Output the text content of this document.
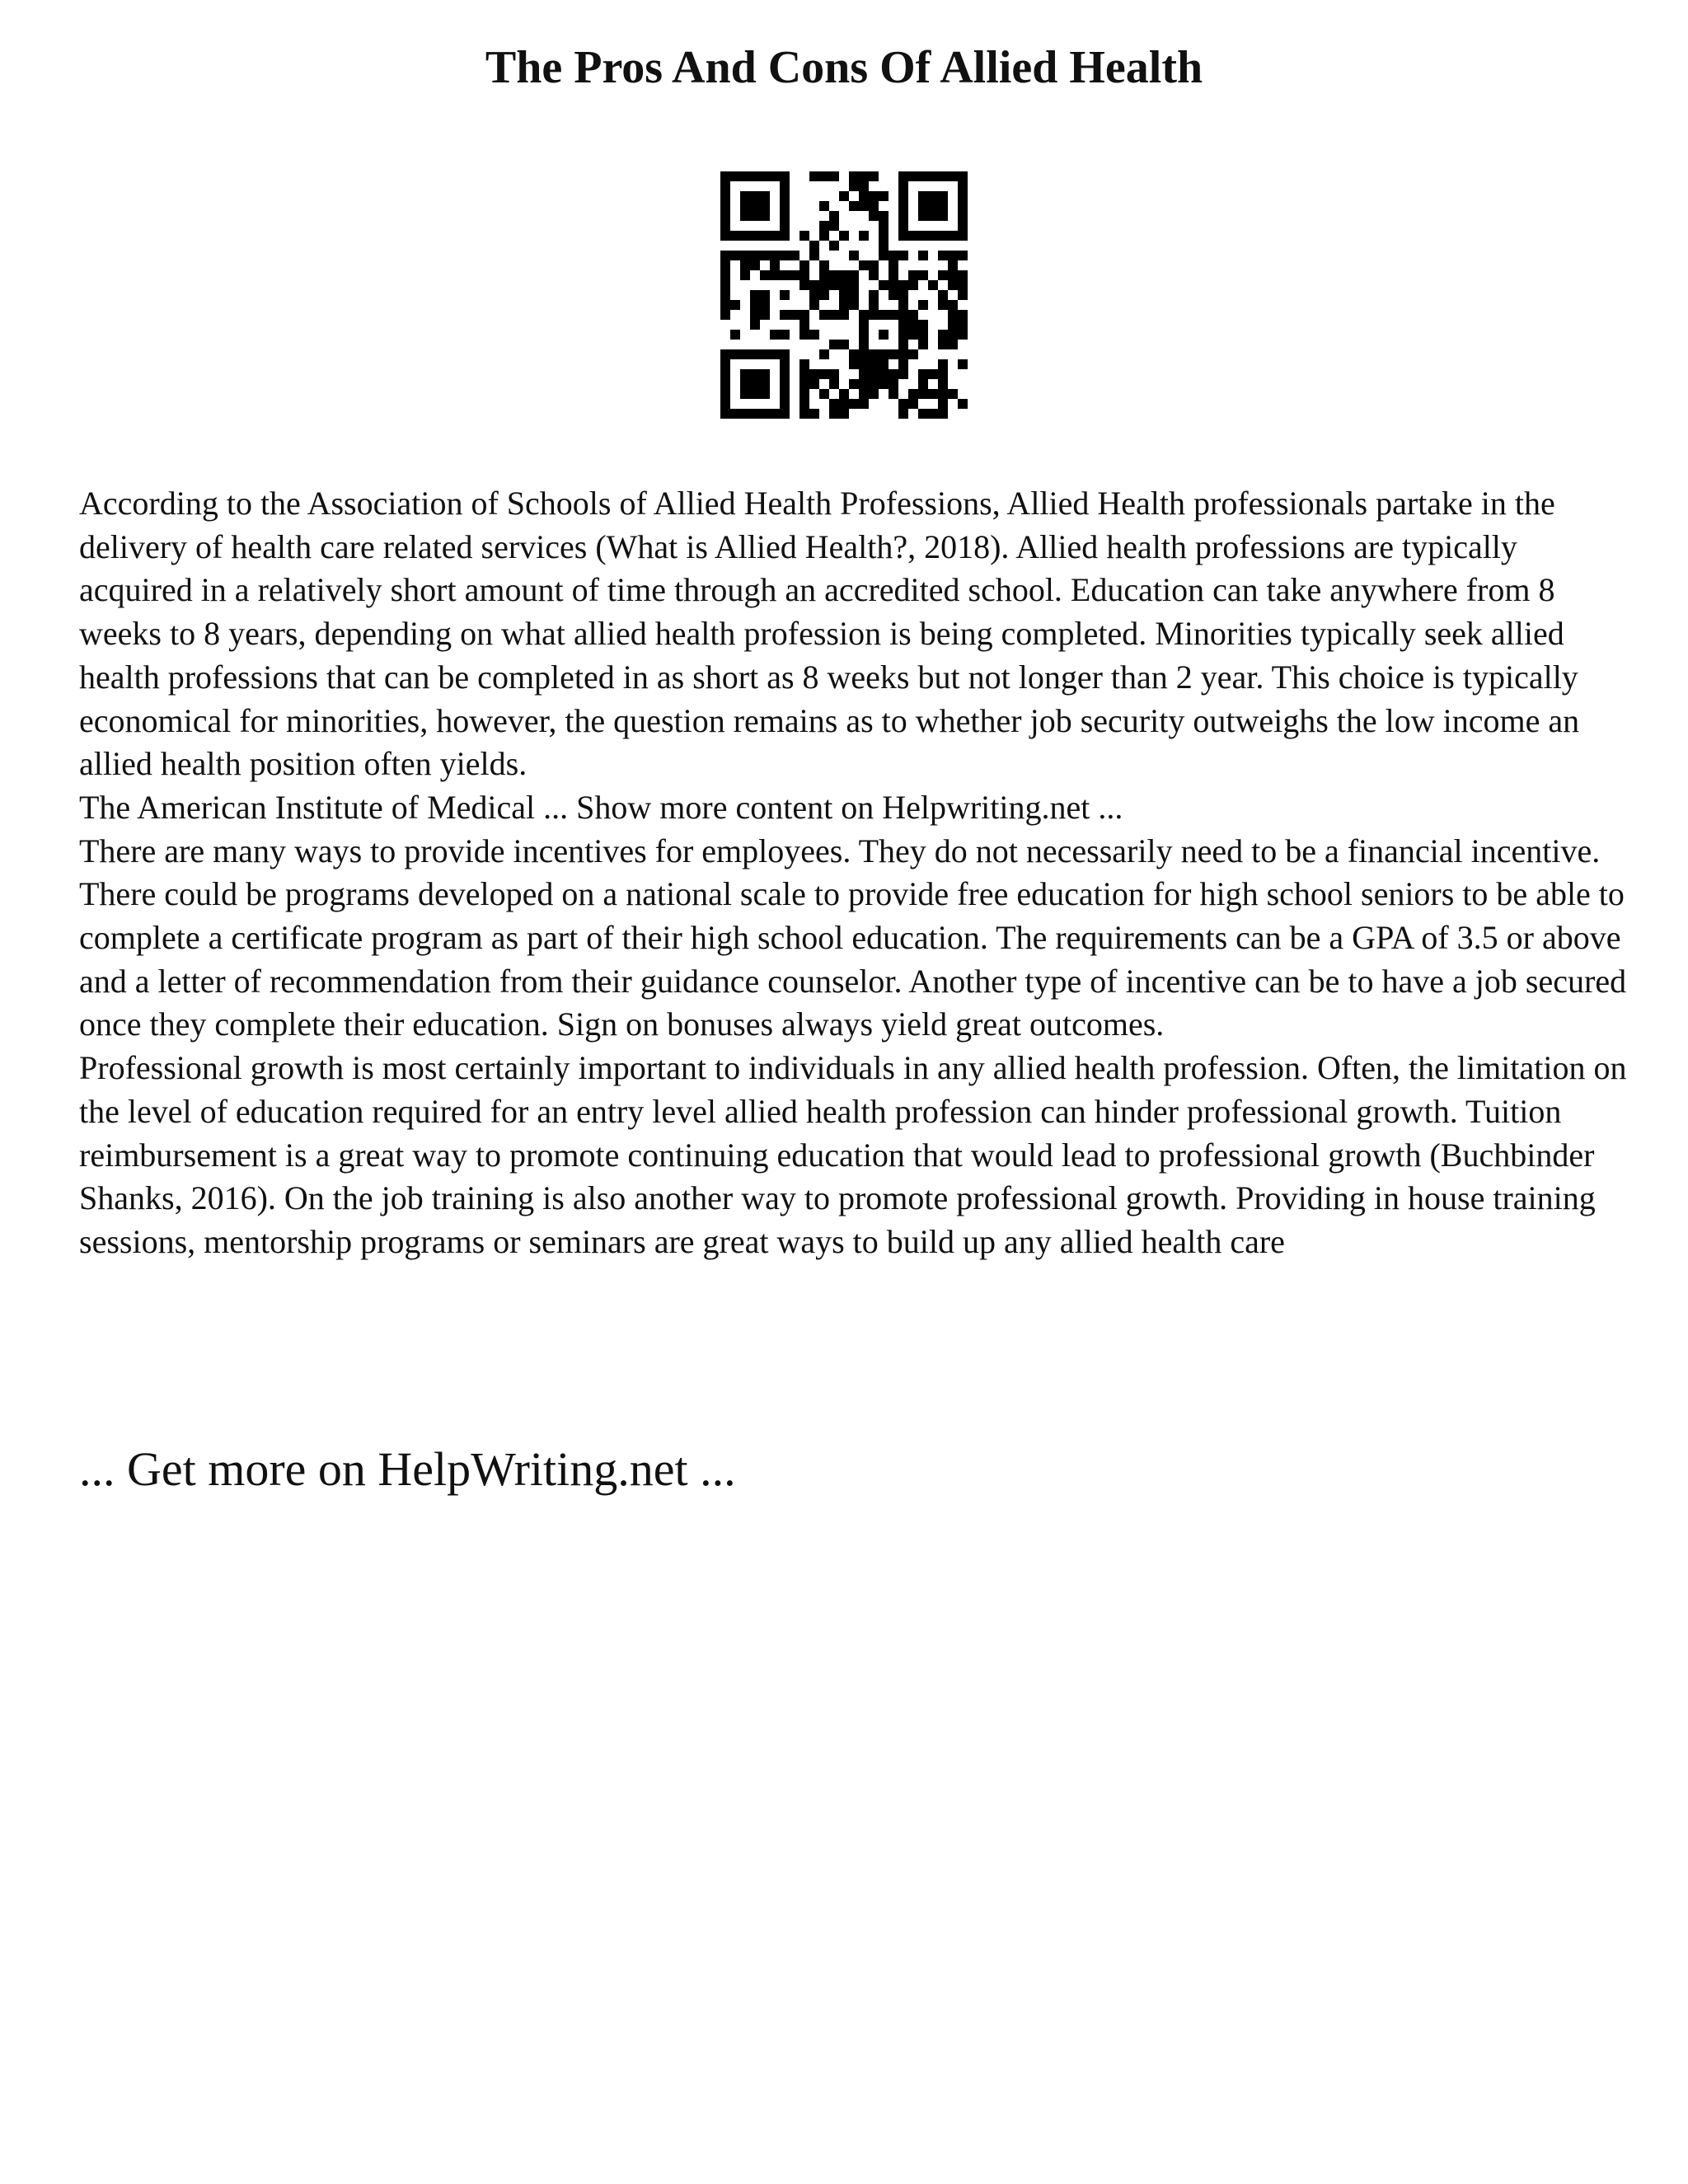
The Pros And Cons Of Allied Health

According to the Association of Schools of Allied Health Professions, Allied Health professionals partake in the delivery of health care related services (What is Allied Health?, 2018). Allied health professions are typically acquired in a relatively short amount of time through an accredited school. Education can take anywhere from 8 weeks to 8 years, depending on what allied health profession is being completed. Minorities typically seek allied health professions that can be completed in as short as 8 weeks but not longer than 2 year. This choice is typically economical for minorities, however, the question remains as to whether job security outweighs the low income an allied health position often yields.

The American Institute of Medical ... Show more content on Helpwriting.net ...

There are many ways to provide incentives for employees. They do not necessarily need to be a financial incentive. There could be programs developed on a national scale to provide free education for high school seniors to be able to complete a certificate program as part of their high school education. The requirements can be a GPA of 3.5 or above and a letter of recommendation from their guidance counselor. Another type of incentive can be to have a job secured once they complete their education. Sign on bonuses always yield great outcomes.

Professional growth is most certainly important to individuals in any allied health profession. Often, the limitation on the level of education required for an entry level allied health profession can hinder professional growth. Tuition reimbursement is a great way to promote continuing education that would lead to professional growth (Buchbinder Shanks, 2016). On the job training is also another way to promote professional growth. Providing in house training sessions, mentorship programs or seminars are great ways to build up any allied health care

... Get more on HelpWriting.net ...
